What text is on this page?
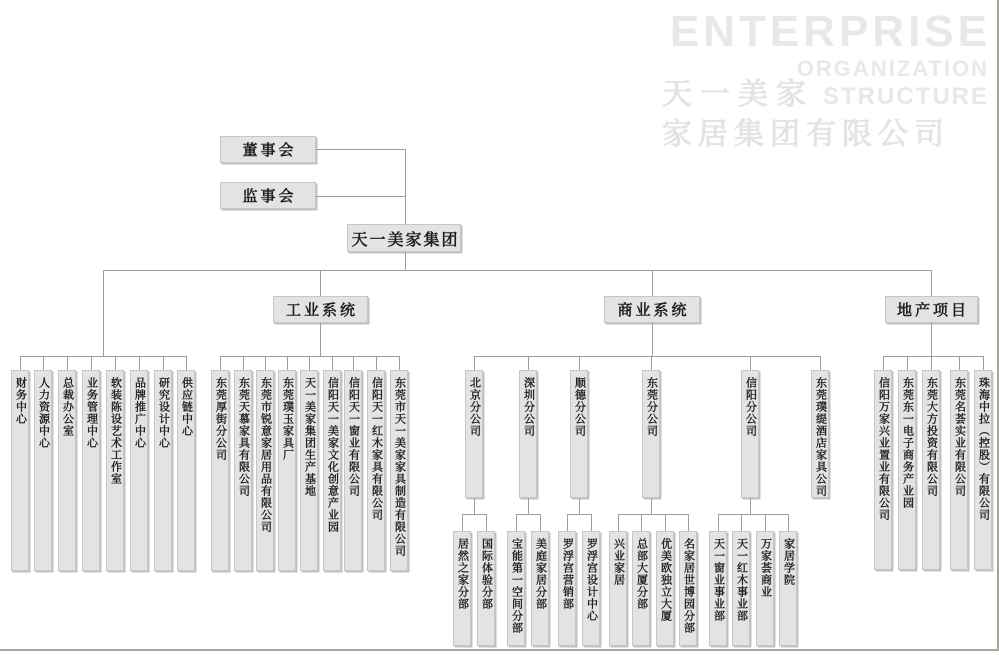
ENTERPRISE
ORGANIZATION
天一美家 STRUCTURE
家居集团有限公司
董事会
监事会
天一美家集团
工业系统	商业系统	地产项目
财务中心 人力资源中心 总裁办公室 业务管理中心 软装陈设艺术工作室 品牌推广中心 研究设计中心 供应链中心 东莞厚街分公司 东莞天慕家具有限公司 东莞市锐意家居用品有限公司 东莞璞玉家具厂 天一美家集团生产基地 信阳天一美家文化创意产业园 信阳天一窗业有限公司 信阳天一红木家具有限公司 东莞市天一美家家具制造有限公司	信阳万家兴业置业有限公司 东莞东一电子商务产业园 东莞大方投资有限公司 东莞名荟实业有限公司 珠海中拉（控股）有限公司
北京分公司
居然之家分部 国际体验分部
深圳分公司
宝能第一空间分部 美庭家居分部
顺德分公司
罗浮宫营销部 罗浮宫设计中心
东莞分公司
兴业家居 总部大厦分部 优美欧独立大厦 名家居世博园分部
信阳分公司
天一窗业事业部 天一红木事业部 万家荟商业 家居学院
东莞璞缇酒店家具公司
